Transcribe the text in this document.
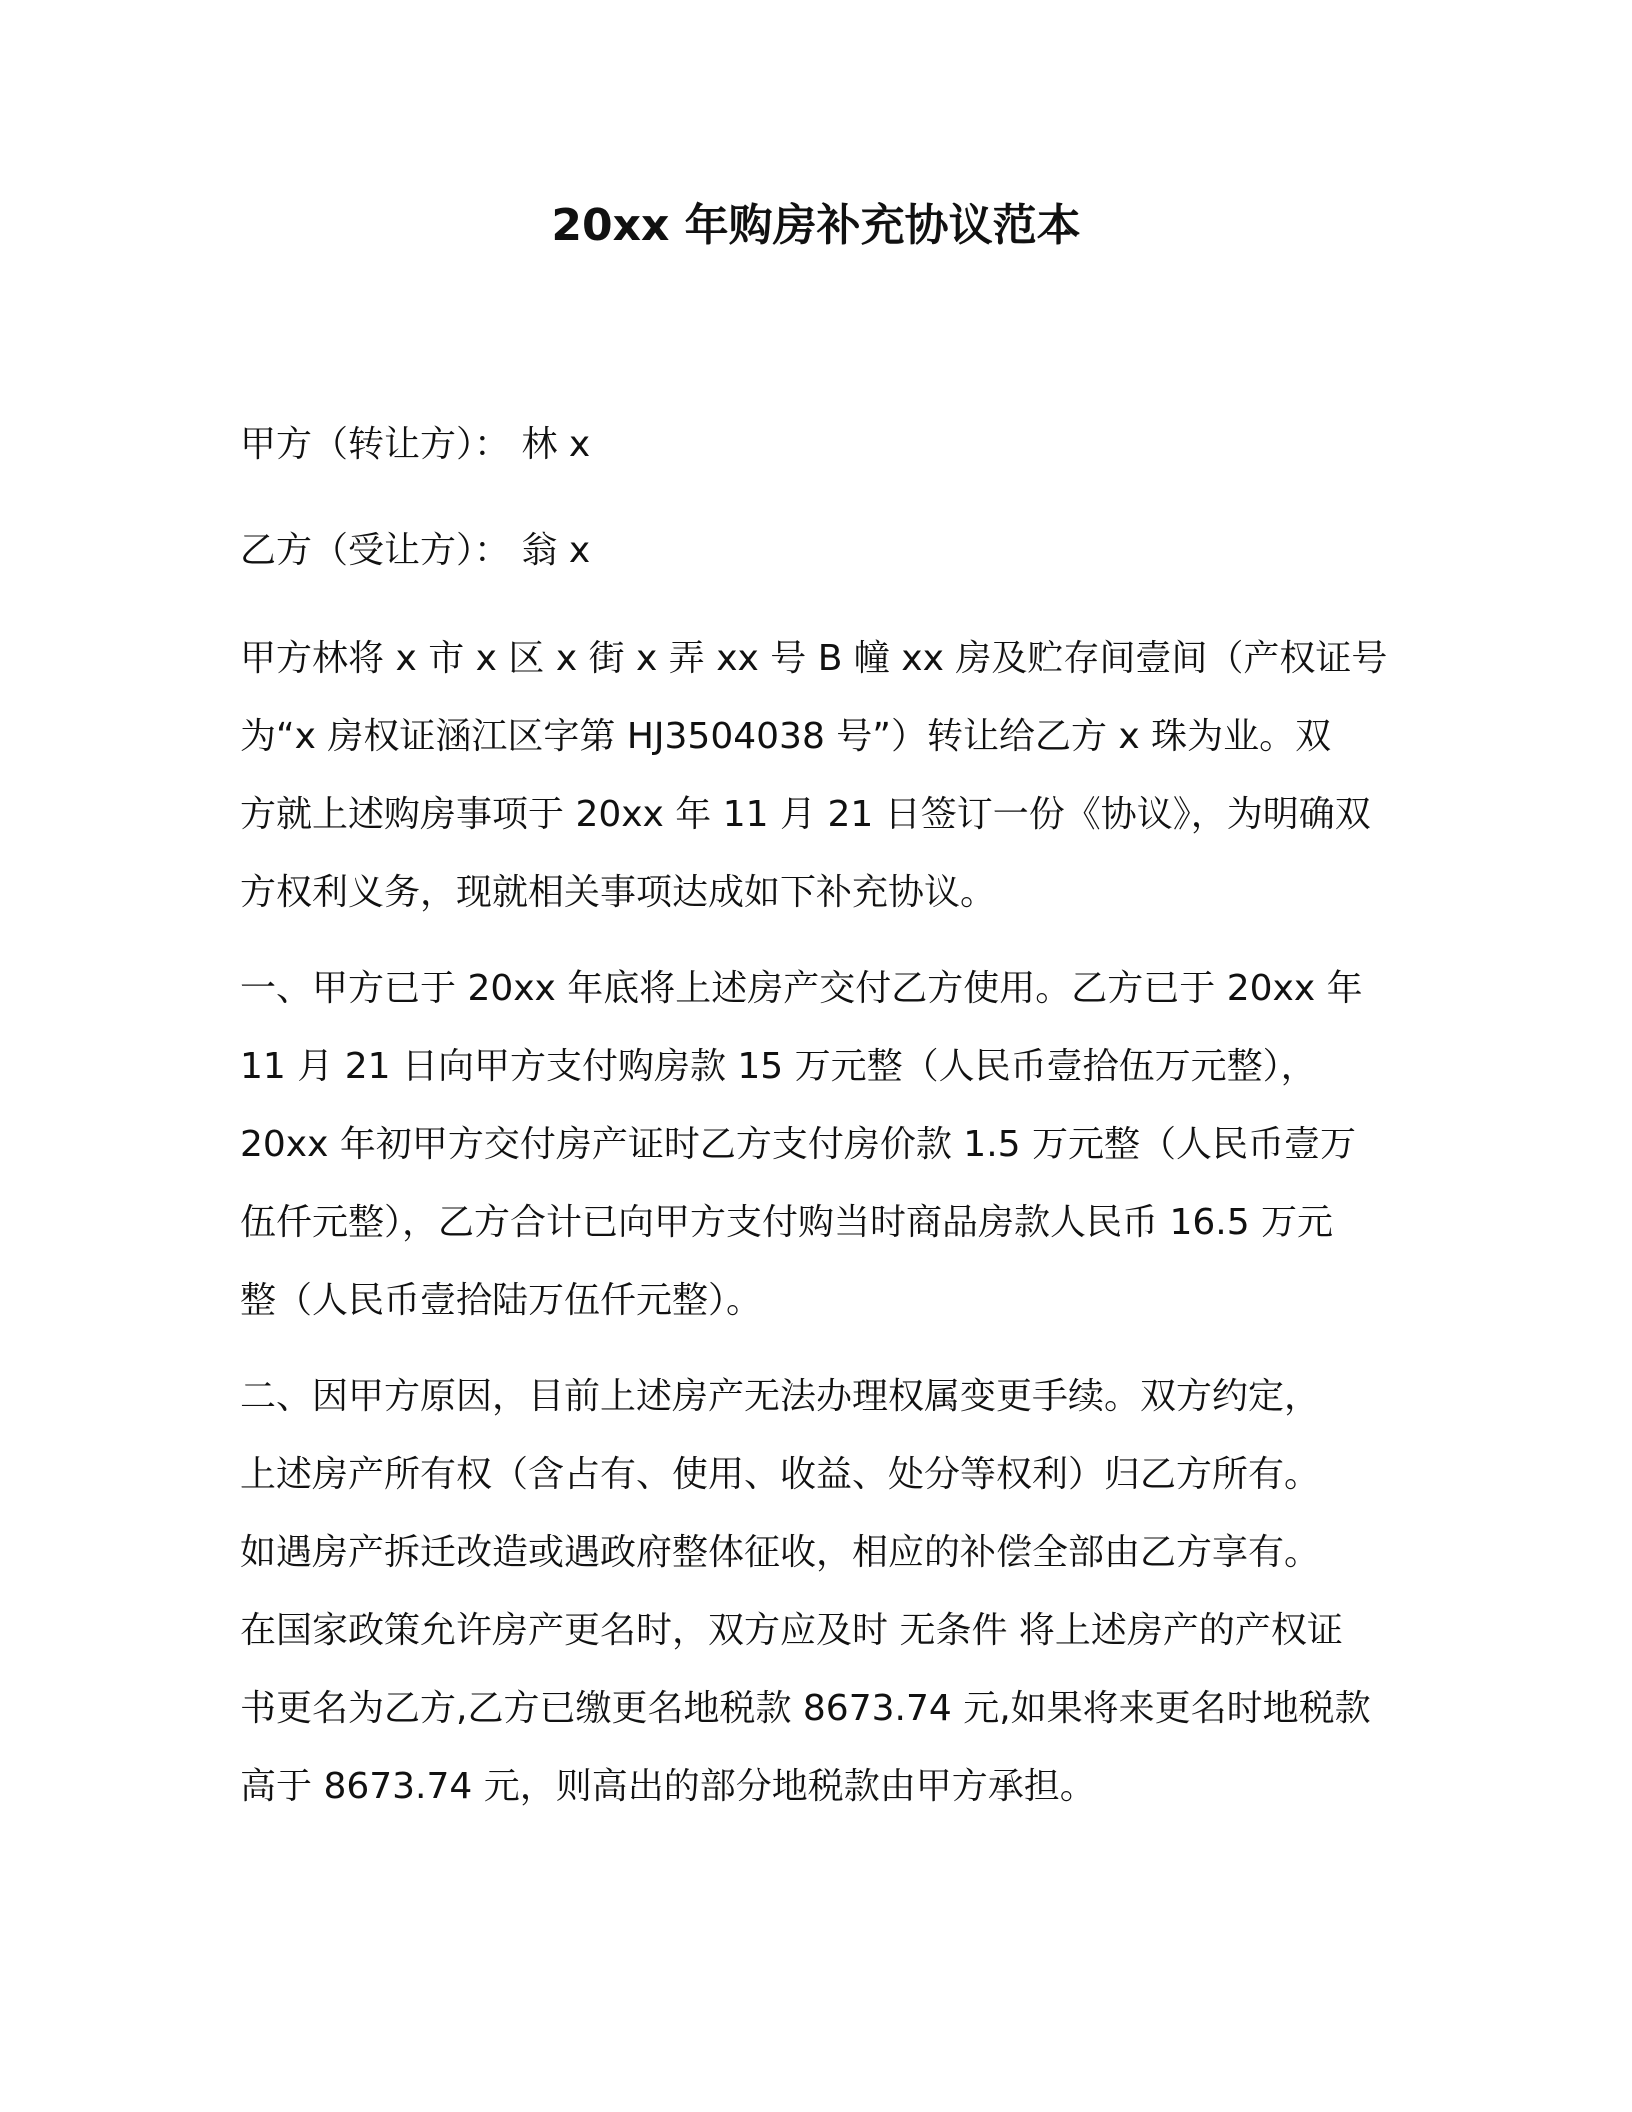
20xx 年购房补充协议范本

甲方（转让方）： 林 x

乙方（受让方）： 翁 x

甲方林将 x 市 x 区 x 街 x 弄 xx 号 B 幢 xx 房及贮存间壹间（产权证号
为“x 房权证涵江区字第 HJ3504038 号”）转让给乙方 x 珠为业。双
方就上述购房事项于 20xx 年 11 月 21 日签订一份《协议》，为明确双
方权利义务，现就相关事项达成如下补充协议。

一、甲方已于 20xx 年底将上述房产交付乙方使用。乙方已于 20xx 年
11 月 21 日向甲方支付购房款 15 万元整（人民币壹拾伍万元整），
20xx 年初甲方交付房产证时乙方支付房价款 1.5 万元整（人民币壹万
伍仟元整），乙方合计已向甲方支付购当时商品房款人民币 16.5 万元
整（人民币壹拾陆万伍仟元整）。

二、因甲方原因，目前上述房产无法办理权属变更手续。双方约定，
上述房产所有权（含占有、使用、收益、处分等权利）归乙方所有。
如遇房产拆迁改造或遇政府整体征收，相应的补偿全部由乙方享有。
在国家政策允许房产更名时，双方应及时 无条件 将上述房产的产权证
书更名为乙方,乙方已缴更名地税款 8673.74 元,如果将来更名时地税款
高于 8673.74 元，则高出的部分地税款由甲方承担。
